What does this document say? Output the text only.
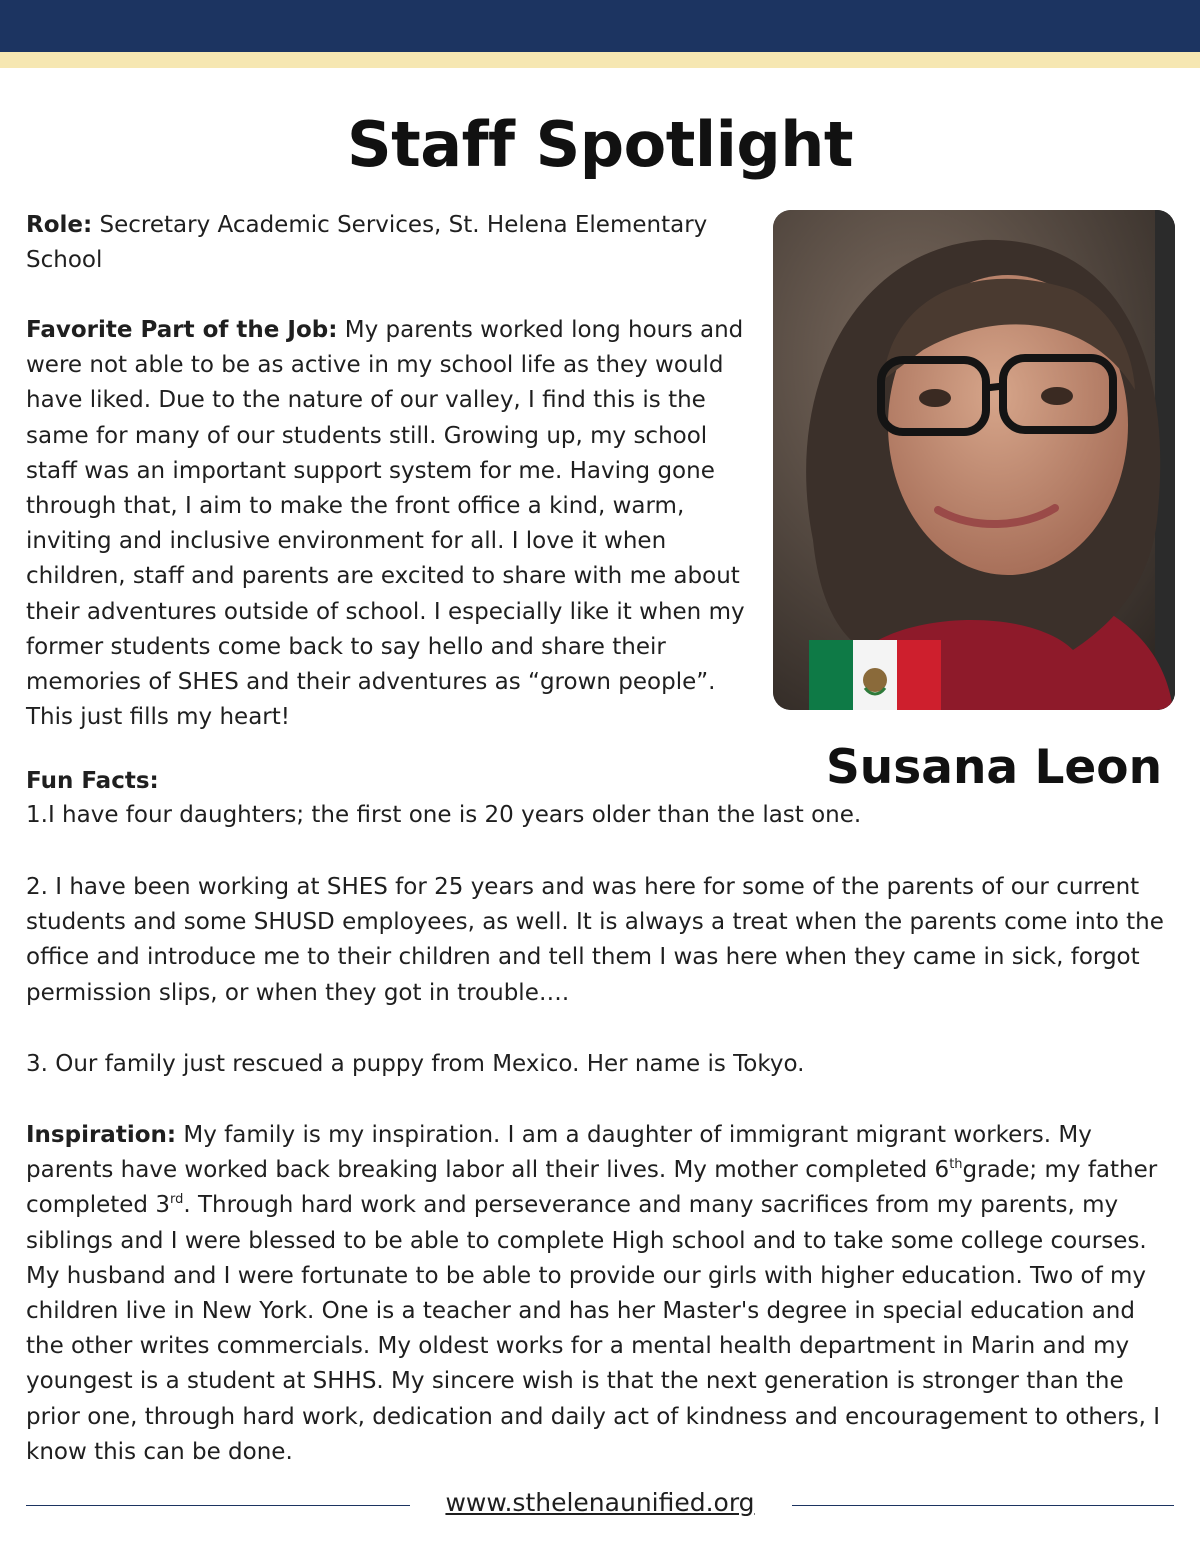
Staff Spotlight
Role: Secretary Academic Services, St. Helena Elementary School
Favorite Part of the Job: My parents worked long hours and were not able to be as active in my school life as they would have liked. Due to the nature of our valley, I find this is the same for many of our students still. Growing up, my school staff was an important support system for me. Having gone through that, I aim to make the front office a kind, warm, inviting and inclusive environment for all. I love it when children, staff and parents are excited to share with me about their adventures outside of school. I especially like it when my former students come back to say hello and share their memories of SHES and their adventures as “grown people”. This just fills my heart!
Susana Leon
Fun Facts:
1.I have four daughters; the first one is 20 years older than the last one.
2. I have been working at SHES for 25 years and was here for some of the parents of our current students and some SHUSD employees, as well. It is always a treat when the parents come into the office and introduce me to their children and tell them I was here when they came in sick, forgot permission slips, or when they got in trouble….
3. Our family just rescued a puppy from Mexico. Her name is Tokyo.
Inspiration: My family is my inspiration. I am a daughter of immigrant migrant workers. My parents have worked back breaking labor all their lives. My mother completed 6thgrade; my father completed 3rd. Through hard work and perseverance and many sacrifices from my parents, my siblings and I were blessed to be able to complete High school and to take some college courses. My husband and I were fortunate to be able to provide our girls with higher education. Two of my children live in New York. One is a teacher and has her Master's degree in special education and the other writes commercials. My oldest works for a mental health department in Marin and my youngest is a student at SHHS. My sincere wish is that the next generation is stronger than the prior one, through hard work, dedication and daily act of kindness and encouragement to others, I know this can be done.
www.sthelenaunified.org
